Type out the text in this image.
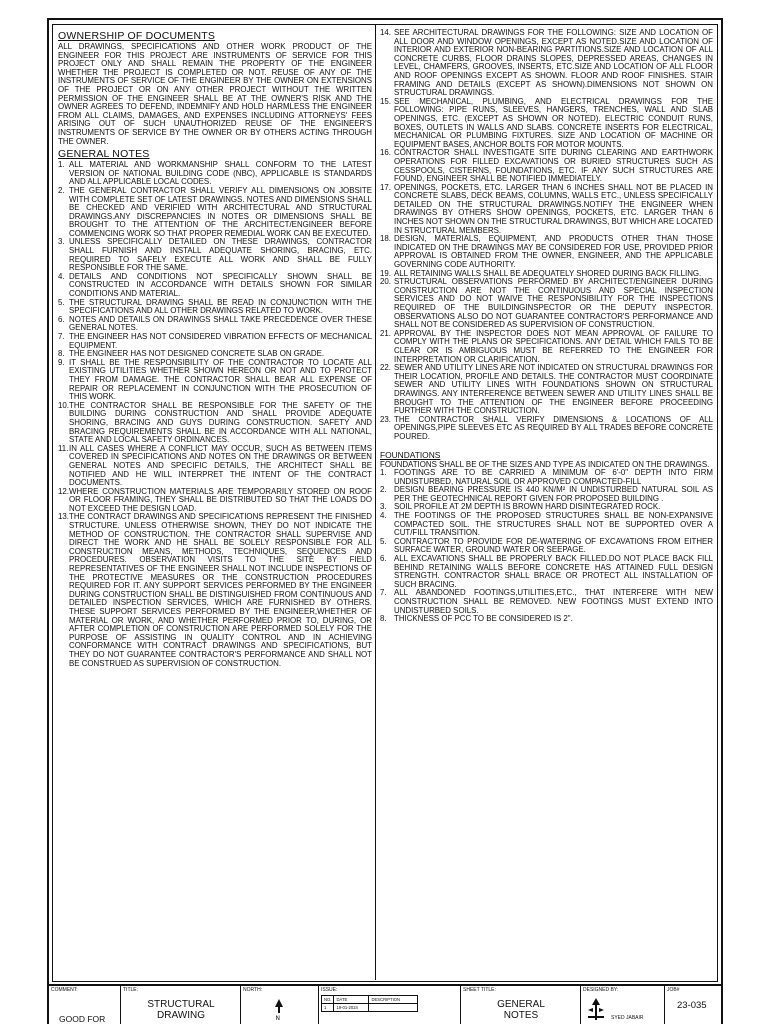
OWNERSHIP OF DOCUMENTS

ALL DRAWINGS, SPECIFICATIONS AND OTHER WORK PRODUCT OF THE ENGINEER FOR THIS PROJECT ARE INSTRUMENTS OF SERVICE FOR THIS PROJECT ONLY AND SHALL REMAIN THE PROPERTY OF THE ENGINEER WHETHER THE PROJECT IS COMPLETED OR NOT. REUSE OF ANY OF THE INSTRUMENTS OF SERVICE OF THE ENGINEER BY THE OWNER ON EXTENSIONS OF THE PROJECT OR ON ANY OTHER PROJECT WITHOUT THE WRITTEN PERMISSION OF THE ENGINEER SHALL BE AT THE OWNER'S RISK AND THE OWNER AGREES TO DEFEND, INDEMNIFY AND HOLD HARMLESS THE ENGINEER FROM ALL CLAIMS, DAMAGES, AND EXPENSES INCLUDING ATTORNEYS' FEES ARISING OUT OF SUCH UNAUTHORIZED REUSE OF THE ENGINEER'S INSTRUMENTS OF SERVICE BY THE OWNER OR BY OTHERS ACTING THROUGH THE OWNER.

GENERAL NOTES
1. ALL MATERIAL AND WORKMANSHIP SHALL CONFORM TO THE LATEST VERSION OF NATIONAL BUILDING CODE (NBC), APPLICABLE IS STANDARDS AND ALL APPLICABLE LOCAL CODES.
2. THE GENERAL CONTRACTOR SHALL VERIFY ALL DIMENSIONS ON JOBSITE WITH COMPLETE SET OF LATEST DRAWINGS. NOTES AND DIMENSIONS SHALL BE CHECKED AND VERIFIED WITH ARCHITECTURAL AND STRUCTURAL DRAWINGS.ANY DISCREPANCIES IN NOTES OR DIMENSIONS SHALL BE BROUGHT TO THE ATTENTION OF THE ARCHITECT/ENGINEER BEFORE COMMENCING WORK SO THAT PROPER REMEDIAL WORK CAN BE EXECUTED.
3. UNLESS SPECIFICALLY DETAILED ON THESE DRAWINGS, CONTRACTOR SHALL FURNISH AND INSTALL ADEQUATE SHORING, BRACING, ETC. REQUIRED TO SAFELY EXECUTE ALL WORK AND SHALL BE FULLY RESPONSIBLE FOR THE SAME.
4. DETAILS AND CONDITIONS NOT SPECIFICALLY SHOWN SHALL BE CONSTRUCTED IN ACCORDANCE WITH DETAILS SHOWN FOR SIMILAR CONDITIONS AND MATERIAL.
5. THE STRUCTURAL DRAWING SHALL BE READ IN CONJUNCTION WITH THE SPECIFICATIONS AND ALL OTHER DRAWINGS RELATED TO WORK.
6. NOTES AND DETAILS ON DRAWINGS SHALL TAKE PRECEDENCE OVER THESE GENERAL NOTES.
7. THE ENGINEER HAS NOT CONSIDERED VIBRATION EFFECTS OF MECHANICAL EQUIPMENT.
8. THE ENGINEER HAS NOT DESIGNED CONCRETE SLAB ON GRADE.
9. IT SHALL BE THE RESPONSIBILITY OF THE CONTRACTOR TO LOCATE ALL EXISTING UTILITIES WHETHER SHOWN HEREON OR NOT AND TO PROTECT THEY FROM DAMAGE. THE CONTRACTOR SHALL BEAR ALL EXPENSE OF REPAIR OR REPLACEMENT IN CONJUNCTION WITH THE PROSECUTION OF THIS WORK.
10. THE CONTRACTOR SHALL BE RESPONSIBLE FOR THE SAFETY OF THE BUILDING DURING CONSTRUCTION AND SHALL PROVIDE ADEQUATE SHORING, BRACING AND GUYS DURING CONSTRUCTION. SAFETY AND BRACING REQUIREMENTS SHALL BE IN ACCORDANCE WITH ALL NATIONAL, STATE AND LOCAL SAFETY ORDINANCES.
11. IN ALL CASES WHERE A CONFLICT MAY OCCUR, SUCH AS BETWEEN ITEMS COVERED IN SPECIFICATIONS AND NOTES ON THE DRAWINGS OR BETWEEN GENERAL NOTES AND SPECIFIC DETAILS, THE ARCHITECT SHALL BE NOTIFIED AND HE WILL INTERPRET THE INTENT OF THE CONTRACT DOCUMENTS.
12. WHERE CONSTRUCTION MATERIALS ARE TEMPORARILY STORED ON ROOF OR FLOOR FRAMING, THEY SHALL BE DISTRIBUTED SO THAT THE LOADS DO NOT EXCEED THE DESIGN LOAD.
13. THE CONTRACT DRAWINGS AND SPECIFICATIONS REPRESENT THE FINISHED STRUCTURE. UNLESS OTHERWISE SHOWN, THEY DO NOT INDICATE THE METHOD OF CONSTRUCTION. THE CONTRACTOR SHALL SUPERVISE AND DIRECT THE WORK AND HE SHALL BE SOLELY RESPONSIBLE FOR ALL CONSTRUCTION MEANS, METHODS, TECHNIQUES, SEQUENCES AND PROCEDURES. OBSERVATION VISITS TO THE SITE BY FIELD REPRESENTATIVES OF THE ENGINEER SHALL NOT INCLUDE INSPECTIONS OF THE PROTECTIVE MEASURES OR THE CONSTRUCTION PROCEDURES REQUIRED FOR IT. ANY SUPPORT SERVICES PERFORMED BY THE ENGINEER DURING CONSTRUCTION SHALL BE DISTINGUISHED FROM CONTINUOUS AND DETAILED INSPECTION SERVICES, WHICH ARE FURNISHED BY OTHERS. THESE SUPPORT SERVICES PERFORMED BY THE ENGINEER,WHETHER OF MATERIAL OR WORK, AND WHETHER PERFORMED PRIOR TO, DURING, OR AFTER COMPLETION OF CONSTRUCTION ARE PERFORMED SOLELY FOR THE PURPOSE OF ASSISTING IN QUALITY CONTROL AND IN ACHIEVING CONFORMANCE WITH CONTRACT DRAWINGS AND SPECIFICATIONS, BUT THEY DO NOT GUARANTEE CONTRACTOR'S PERFORMANCE AND SHALL NOT BE CONSTRUED AS SUPERVISION OF CONSTRUCTION.
14. SEE ARCHITECTURAL DRAWINGS FOR THE FOLLOWING: SIZE AND LOCATION OF ALL DOOR AND WINDOW OPENINGS, EXCEPT AS NOTED.SIZE AND LOCATION OF INTERIOR AND EXTERIOR NON-BEARING PARTITIONS.SIZE AND LOCATION OF ALL CONCRETE CURBS, FLOOR DRAINS SLOPES, DEPRESSED AREAS, CHANGES IN LEVEL, CHAMFERS, GROOVES, INSERTS, ETC.SIZE AND LOCATION OF ALL FLOOR AND ROOF OPENINGS EXCEPT AS SHOWN. FLOOR AND ROOF FINISHES. STAIR FRAMING AND DETAILS (EXCEPT AS SHOWN).DIMENSIONS NOT SHOWN ON STRUCTURAL DRAWINGS.
15. SEE MECHANICAL, PLUMBING, AND ELECTRICAL DRAWINGS FOR THE FOLLOWING: PIPE RUNS, SLEEVES, HANGERS, TRENCHES, WALL AND SLAB OPENINGS, ETC. (EXCEPT AS SHOWN OR NOTED). ELECTRIC CONDUIT RUNS, BOXES, OUTLETS IN WALLS AND SLABS. CONCRETE INSERTS FOR ELECTRICAL, MECHANICAL OR PLUMBING FIXTURES. SIZE AND LOCATION OF MACHINE OR EQUIPMENT BASES, ANCHOR BOLTS FOR MOTOR MOUNTS.
16. CONTRACTOR SHALL INVESTIGATE SITE DURING CLEARING AND EARTHWORK OPERATIONS FOR FILLED EXCAVATIONS OR BURIED STRUCTURES SUCH AS CESSPOOLS, CISTERNS, FOUNDATIONS, ETC. IF ANY SUCH STRUCTURES ARE FOUND, ENGINEER SHALL BE NOTIFIED IMMEDIATELY.
17. OPENINGS, POCKETS, ETC. LARGER THAN 6 INCHES SHALL NOT BE PLACED IN CONCRETE SLABS, DECK BEAMS, COLUMNS, WALLS ETC., UNLESS SPECIFICALLY DETAILED ON THE STRUCTURAL DRAWINGS.NOTIFY THE ENGINEER WHEN DRAWINGS BY OTHERS SHOW OPENINGS, POCKETS, ETC. LARGER THAN 6 INCHES NOT SHOWN ON THE STRUCTURAL DRAWINGS, BUT WHICH ARE LOCATED IN STRUCTURAL MEMBERS.
18. DESIGN, MATERIALS, EQUIPMENT, AND PRODUCTS OTHER THAN THOSE INDICATED ON THE DRAWINGS MAY BE CONSIDERED FOR USE, PROVIDED PRIOR APPROVAL IS OBTAINED FROM THE OWNER, ENGINEER, AND THE APPLICABLE GOVERNING CODE AUTHORITY.
19. ALL RETAINING WALLS SHALL BE ADEQUATELY SHORED DURING BACK FILLING.
20. STRUCTURAL OBSERVATIONS PERFORMED BY ARCHITECT/ENGINEER DURING CONSTRUCTION ARE NOT THE CONTINUOUS AND SPECIAL INSPECTION SERVICES AND DO NOT WAIVE THE RESPONSIBILITY FOR THE INSPECTIONS REQUIRED OF THE BUILDINGINSPECTOR OR THE DEPUTY INSPECTOR. OBSERVATIONS ALSO DO NOT GUARANTEE CONTRACTOR'S PERFORMANCE AND SHALL NOT BE CONSIDERED AS SUPERVISION OF CONSTRUCTION.
21. APPROVAL BY THE INSPECTOR DOES NOT MEAN APPROVAL OF FAILURE TO COMPLY WITH THE PLANS OR SPECIFICATIONS. ANY DETAIL WHICH FAILS TO BE CLEAR OR IS AMBIGUOUS MUST BE REFERRED TO THE ENGINEER FOR INTERPRETATION OR CLARIFICATION.
22. SEWER AND UTILITY LINES ARE NOT INDICATED ON STRUCTURAL DRAWINGS FOR THEIR LOCATION, PROFILE AND DETAILS. THE CONTRACTOR MUST COORDINATE SEWER AND UTILITY LINES WITH FOUNDATIONS SHOWN ON STRUCTURAL DRAWINGS. ANY INTERFERENCE BETWEEN SEWER AND UTILITY LINES SHALL BE BROUGHT TO THE ATTENTION OF THE ENGINEER BEFORE PROCEEDING FURTHER WITH THE CONSTRUCTION.
23. THE CONTRACTOR SHALL VERIFY DIMENSIONS & LOCATIONS OF ALL OPENINGS,PIPE SLEEVES ETC AS REQUIRED BY ALL TRADES BEFORE CONCRETE POURED.
FOUNDATIONS

FOUNDATIONS SHALL BE OF THE SIZES AND TYPE AS INDICATED ON THE DRAWINGS.

1. FOOTINGS ARE TO BE CARRIED A MINIMUM OF 6'-0" DEPTH INTO FIRM UNDISTURBED, NATURAL SOIL OR APPROVED COMPACTED-FILL
2. DESIGN BEARING PRESSURE IS 440 KN/M² IN UNDISTURBED NATURAL SOIL AS PER THE GEOTECHNICAL REPORT GIVEN FOR PROPOSED BUILDING .
3. SOIL PROFILE AT 2M DEPTH IS BROWN HARD DISINTEGRATED ROCK.
4. THE FOOTINGS OF THE PROPOSED STRUCTURES SHALL BE NON-EXPANSIVE COMPACTED SOIL. THE STRUCTURES SHALL NOT BE SUPPORTED OVER A CUT/FILL TRANSITION.
5. CONTRACTOR TO PROVIDE FOR DE-WATERING OF EXCAVATIONS FROM EITHER SURFACE WATER, GROUND WATER OR SEEPAGE.
6. ALL EXCAVATIONS SHALL BE PROPERLY BACK FILLED.DO NOT PLACE BACK FILL BEHIND RETAINING WALLS BEFORE CONCRETE HAS ATTAINED FULL DESIGN STRENGTH. CONTRACTOR SHALL BRACE OR PROTECT ALL INSTALLATION OF SUCH BRACING.
7. ALL ABANDONED FOOTINGS,UTILITIES,ETC., THAT INTERFERE WITH NEW CONSTRUCTION SHALL BE REMOVED. NEW FOOTINGS MUST EXTEND INTO UNDISTURBED SOILS.
8. THICKNESS OF PCC TO BE CONSIDERED IS 2".
COMMENT:
GOOD FOR
TITLE:
STRUCTURAL DRAWING
NORTH:
N
ISSUE:
NO.	DATE	DESCRIPTION
1	19-01-2024	
SHEET TITLE:
GENERAL NOTES
DESIGNED BY:
SYED JABAIR
JOB#
23-035
